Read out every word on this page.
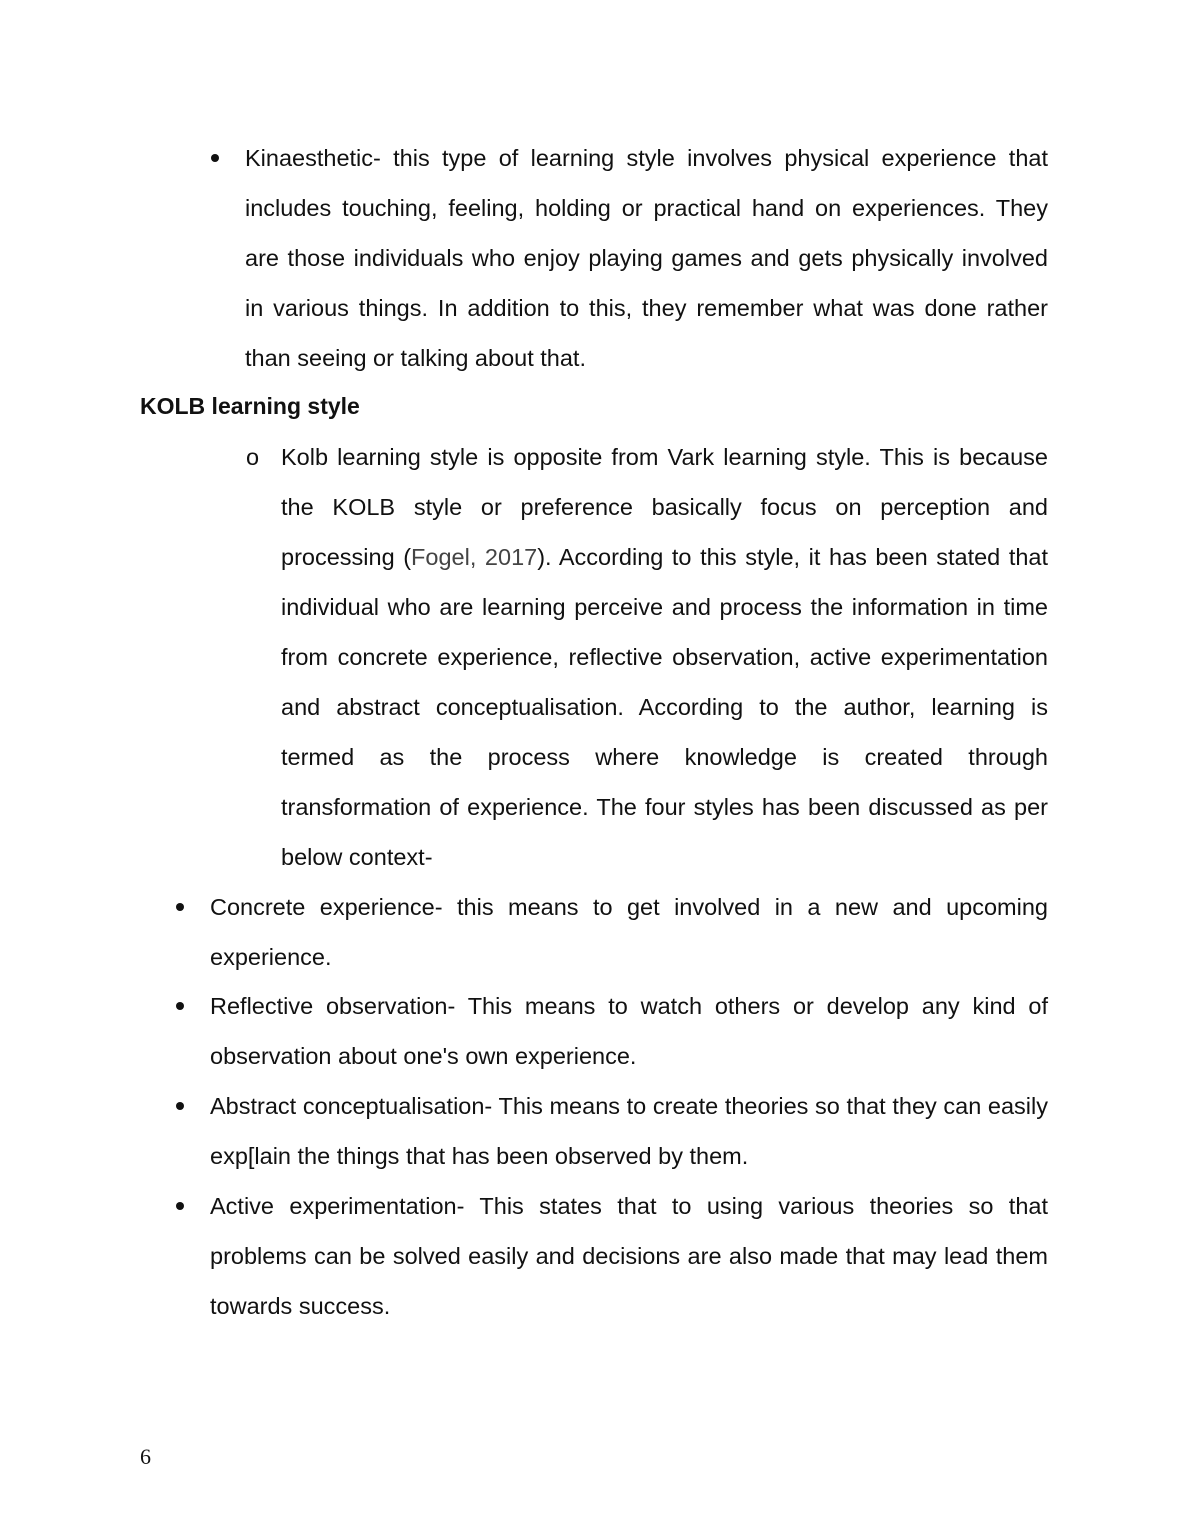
Kinaesthetic- this type of learning style involves physical experience that includes touching, feeling, holding or practical hand on experiences. They are those individuals who enjoy playing games and gets physically involved in various things. In addition to this, they remember what was done rather than seeing or talking about that.

KOLB learning style
o Kolb learning style is opposite from Vark learning style. This is because the KOLB style or preference basically focus on perception and processing (Fogel, 2017). According to this style, it has been stated that individual who are learning perceive and process the information in time from concrete experience, reflective observation, active experimentation and abstract conceptualisation. According to the author, learning is termed as the process where knowledge is created through transformation of experience. The four styles has been discussed as per below context-

Concrete experience- this means to get involved in a new and upcoming experience.

Reflective observation- This means to watch others or develop any kind of observation about one's own experience.

Abstract conceptualisation- This means to create theories so that they can easily exp[lain the things that has been observed by them.

Active experimentation- This states that to using various theories so that problems can be solved easily and decisions are also made that may lead them towards success.

6
